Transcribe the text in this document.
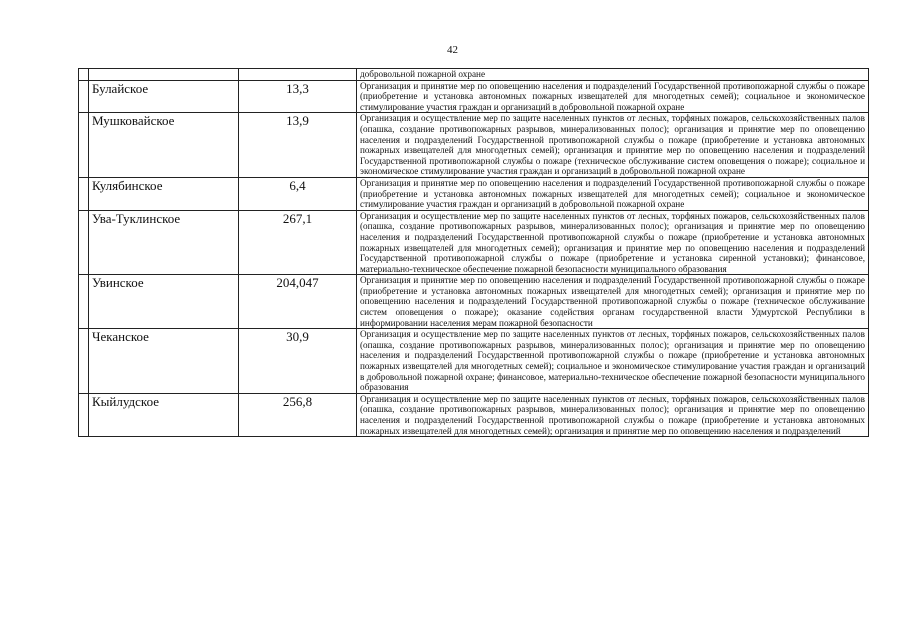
42
			добровольной пожарной охране
	Булайское	13,3	Организация и принятие мер по оповещению населения и подразделений Государственной противопожарной службы о пожаре (приобретение и установка автономных пожарных извещателей для многодетных семей); социальное и экономическое стимулирование участия граждан и организаций в добровольной пожарной охране
	Мушковайское	13,9	Организация и осуществление мер по защите населенных пунктов от лесных, торфяных пожаров, сельскохозяйственных палов (опашка, создание противопожарных разрывов, минерализованных полос); организация и принятие мер по оповещению населения и подразделений Государственной противопожарной службы о пожаре (приобретение и установка автономных пожарных извещателей для многодетных семей); организация и принятие мер по оповещению населения и подразделений Государственной противопожарной службы о пожаре (техническое обслуживание систем оповещения о пожаре); социальное и экономическое стимулирование участия граждан и организаций в добровольной пожарной охране
	Кулябинское	6,4	Организация и принятие мер по оповещению населения и подразделений Государственной противопожарной службы о пожаре (приобретение и установка автономных пожарных извещателей для многодетных семей); социальное и экономическое стимулирование участия граждан и организаций в добровольной пожарной охране
	Ува-Туклинское	267,1	Организация и осуществление мер по защите населенных пунктов от лесных, торфяных пожаров, сельскохозяйственных палов (опашка, создание противопожарных разрывов, минерализованных полос); организация и принятие мер по оповещению населения и подразделений Государственной противопожарной службы о пожаре (приобретение и установка автономных пожарных извещателей для многодетных семей); организация и принятие мер по оповещению населения и подразделений Государственной противопожарной службы о пожаре (приобретение и установка сиренной установки); финансовое, материально-техническое обеспечение пожарной безопасности муниципального образования
	Увинское	204,047	Организация и принятие мер по оповещению населения и подразделений Государственной противопожарной службы о пожаре (приобретение и установка автономных пожарных извещателей для многодетных семей); организация и принятие мер по оповещению населения и подразделений Государственной противопожарной службы о пожаре (техническое обслуживание систем оповещения о пожаре); оказание содействия органам государственной власти Удмуртской Республики в информировании населения мерам пожарной безопасности
	Чеканское	30,9	Организация и осуществление мер по защите населенных пунктов от лесных, торфяных пожаров, сельскохозяйственных палов (опашка, создание противопожарных разрывов, минерализованных полос); организация и принятие мер по оповещению населения и подразделений Государственной противопожарной службы о пожаре (приобретение и установка автономных пожарных извещателей для многодетных семей); социальное и экономическое стимулирование участия граждан и организаций в добровольной пожарной охране; финансовое, материально-техническое обеспечение пожарной безопасности муниципального образования
	Кыйлудское	256,8	Организация и осуществление мер по защите населенных пунктов от лесных, торфяных пожаров, сельскохозяйственных палов (опашка, создание противопожарных разрывов, минерализованных полос); организация и принятие мер по оповещению населения и подразделений Государственной противопожарной службы о пожаре (приобретение и установка автономных пожарных извещателей для многодетных семей); организация и принятие мер по оповещению населения и подразделений
